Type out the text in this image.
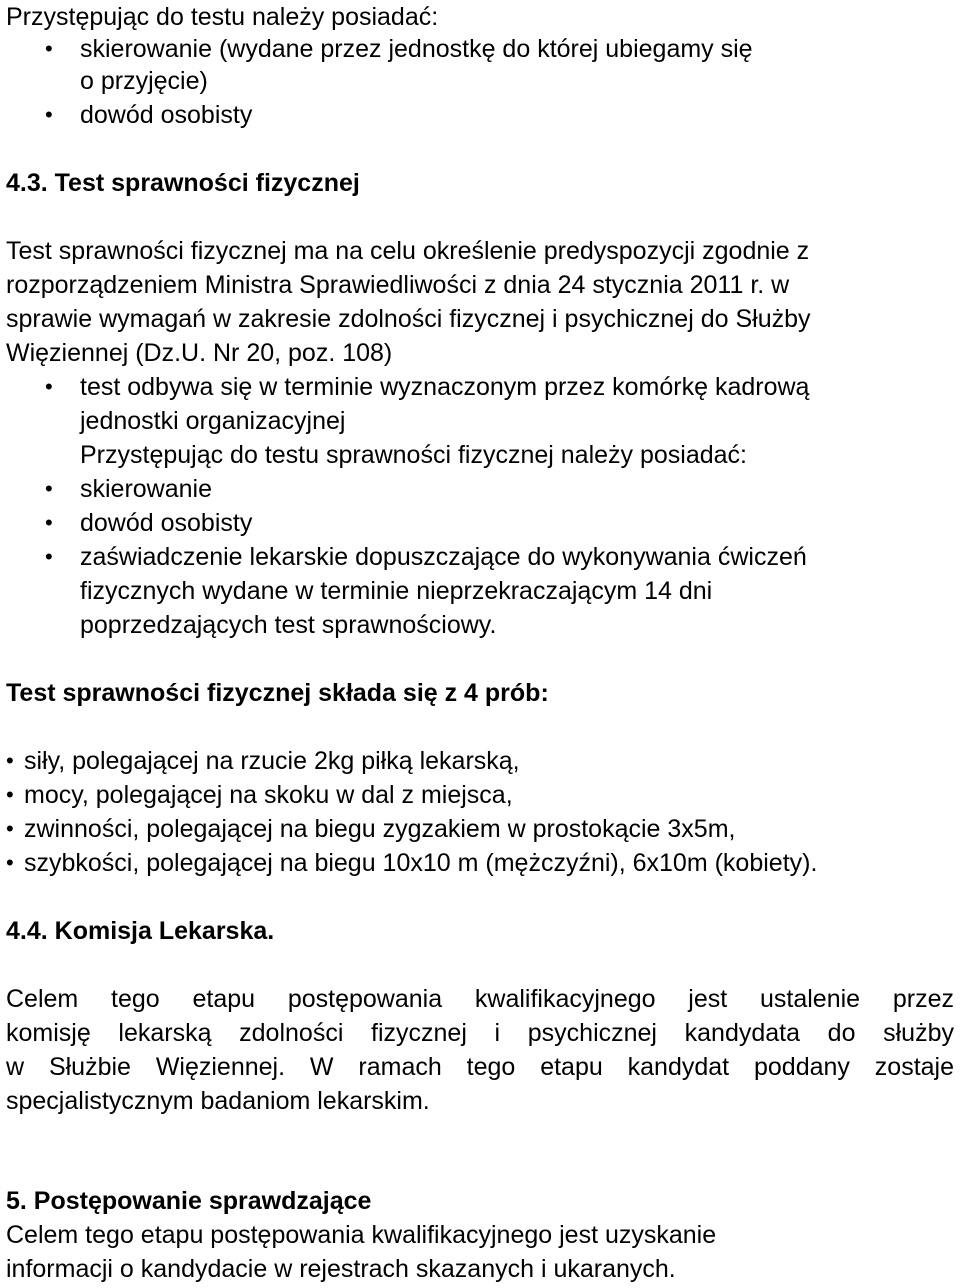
Przystępując do testu należy posiadać:
• skierowanie (wydane przez jednostkę do której ubiegamy się
o przyjęcie)
• dowód osobisty
4.3. Test sprawności fizycznej
Test sprawności fizycznej ma na celu określenie predyspozycji zgodnie z
rozporządzeniem Ministra Sprawiedliwości z dnia 24 stycznia 2011 r. w
sprawie wymagań w zakresie zdolności fizycznej i psychicznej do Służby
Więziennej (Dz.U. Nr 20, poz. 108)
• test odbywa się w terminie wyznaczonym przez komórkę kadrową
jednostki organizacyjnej
Przystępując do testu sprawności fizycznej należy posiadać:
• skierowanie
• dowód osobisty
• zaświadczenie lekarskie dopuszczające do wykonywania ćwiczeń
fizycznych wydane w terminie nieprzekraczającym 14 dni
poprzedzających test sprawnościowy.
Test sprawności fizycznej składa się z 4 prób:
• siły, polegającej na rzucie 2kg piłką lekarską,
• mocy, polegającej na skoku w dal z miejsca,
• zwinności, polegającej na biegu zygzakiem w prostokącie 3x5m,
• szybkości, polegającej na biegu 10x10 m (mężczyźni), 6x10m (kobiety).
4.4. Komisja Lekarska.
Celem tego etapu postępowania kwalifikacyjnego jest ustalenie przez
komisję lekarską zdolności fizycznej i psychicznej kandydata do służby
w Służbie Więziennej. W ramach tego etapu kandydat poddany zostaje
specjalistycznym badaniom lekarskim.
5. Postępowanie sprawdzające
Celem tego etapu postępowania kwalifikacyjnego jest uzyskanie
informacji o kandydacie w rejestrach skazanych i ukaranych.
